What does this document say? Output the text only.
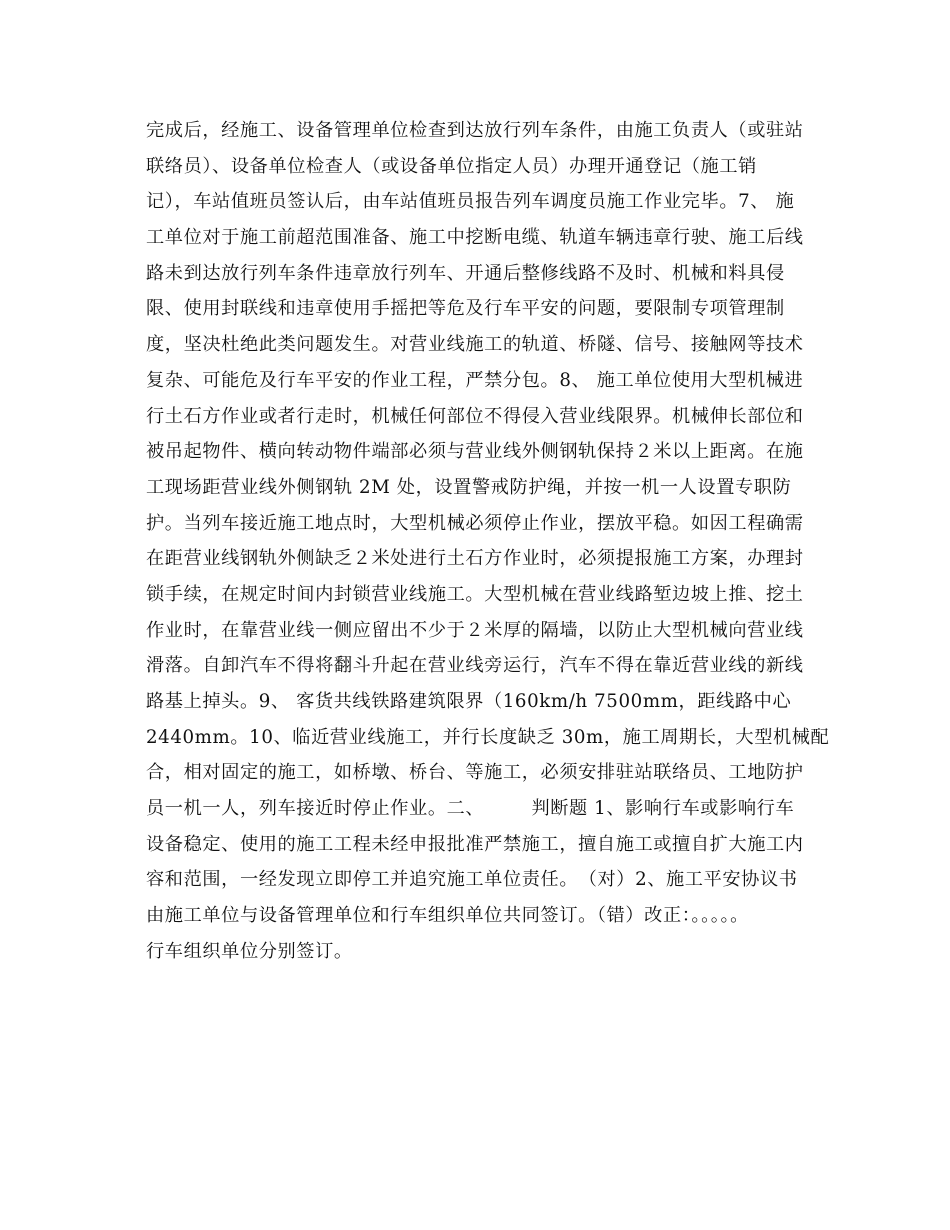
完成后，经施工、设备管理单位检查到达放行列车条件，由施工负责人（或驻站
联络员）、设备单位检查人（或设备单位指定人员）办理开通登记（施工销
记），车站值班员签认后，由车站值班员报告列车调度员施工作业完毕。7、 施
工单位对于施工前超范围准备、施工中挖断电缆、轨道车辆违章行驶、施工后线
路未到达放行列车条件违章放行列车、开通后整修线路不及时、机械和料具侵
限、使用封联线和违章使用手摇把等危及行车平安的问题，要限制专项管理制
度，坚决杜绝此类问题发生。对营业线施工的轨道、桥隧、信号、接触网等技术
复杂、可能危及行车平安的作业工程，严禁分包。8、 施工单位使用大型机械进
行土石方作业或者行走时，机械任何部位不得侵入营业线限界。机械伸长部位和
被吊起物件、横向转动物件端部必须与营业线外侧钢轨保持２米以上距离。在施
工现场距营业线外侧钢轨 2M 处，设置警戒防护绳，并按一机一人设置专职防
护。当列车接近施工地点时，大型机械必须停止作业，摆放平稳。如因工程确需
在距营业线钢轨外侧缺乏２米处进行土石方作业时，必须提报施工方案，办理封
锁手续，在规定时间内封锁营业线施工。大型机械在营业线路堑边坡上推、挖土
作业时，在靠营业线一侧应留出不少于２米厚的隔墙，以防止大型机械向营业线
滑落。自卸汽车不得将翻斗升起在营业线旁运行，汽车不得在靠近营业线的新线
路基上掉头。9、 客货共线铁路建筑限界（160km/h 7500mm，距线路中心
2440mm。10、临近营业线施工，并行长度缺乏 30m，施工周期长，大型机械配
合，相对固定的施工，如桥墩、桥台、等施工，必须安排驻站联络员、工地防护
员一机一人，列车接近时停止作业。二、　　　判断题 1、影响行车或影响行车
设备稳定、使用的施工工程未经申报批准严禁施工，擅自施工或擅自扩大施工内
容和范围，一经发现立即停工并追究施工单位责任。　（对）2、施工平安协议书
由施工单位与设备管理单位和行车组织单位共同签订。（错）改正：。。。。。
行车组织单位分别签订。
